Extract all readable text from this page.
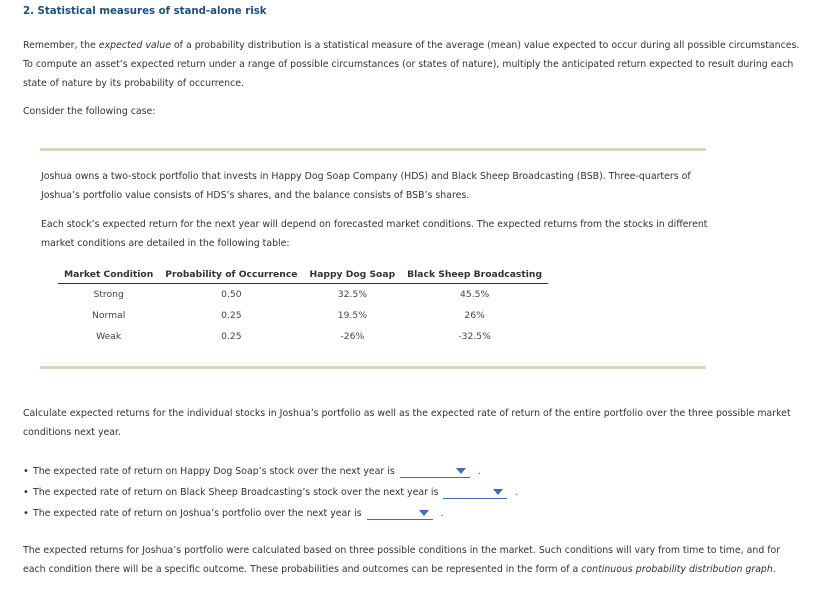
2. Statistical measures of stand-alone risk
Remember, the expected value of a probability distribution is a statistical measure of the average (mean) value expected to occur during all possible circumstances. To compute an asset’s expected return under a range of possible circumstances (or states of nature), multiply the anticipated return expected to result during each state of nature by its probability of occurrence.
Consider the following case:
Joshua owns a two-stock portfolio that invests in Happy Dog Soap Company (HDS) and Black Sheep Broadcasting (BSB). Three-quarters of Joshua’s portfolio value consists of HDS’s shares, and the balance consists of BSB’s shares.
Each stock’s expected return for the next year will depend on forecasted market conditions. The expected returns from the stocks in different market conditions are detailed in the following table:
Market Condition	Probability of Occurrence	Happy Dog Soap	Black Sheep Broadcasting
Strong	0.50	32.5%	45.5%
Normal	0.25	19.5%	26%
Weak	0.25	-26%	-32.5%
Calculate expected returns for the individual stocks in Joshua’s portfolio as well as the expected rate of return of the entire portfolio over the three possible market conditions next year.
• The expected rate of return on Happy Dog Soap’s stock over the next year is	.
• The expected rate of return on Black Sheep Broadcasting’s stock over the next year is	.
• The expected rate of return on Joshua’s portfolio over the next year is	.
The expected returns for Joshua’s portfolio were calculated based on three possible conditions in the market. Such conditions will vary from time to time, and for each condition there will be a specific outcome. These probabilities and outcomes can be represented in the form of a continuous probability distribution graph.
